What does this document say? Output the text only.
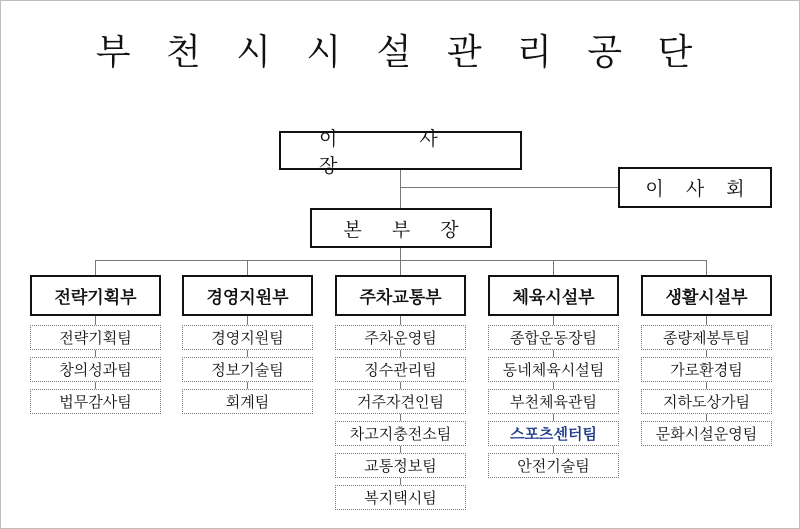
부 천 시 시 설 관 리 공 단
이 사 장
이 사 회
본 부 장
전략기획부	경영지원부	주차교통부	체육시설부	생활시설부
전략기획팀
창의성과팀
법무감사팀
경영지원팀
정보기술팀
회계팀
주차운영팀
징수관리팀
거주자견인팀
차고지충전소팀
교통정보팀
복지택시팀
종합운동장팀
동네체육시설팀
부천체육관팀
스포츠센터팀
안전기술팀
종량제봉투팀
가로환경팀
지하도상가팀
문화시설운영팀
